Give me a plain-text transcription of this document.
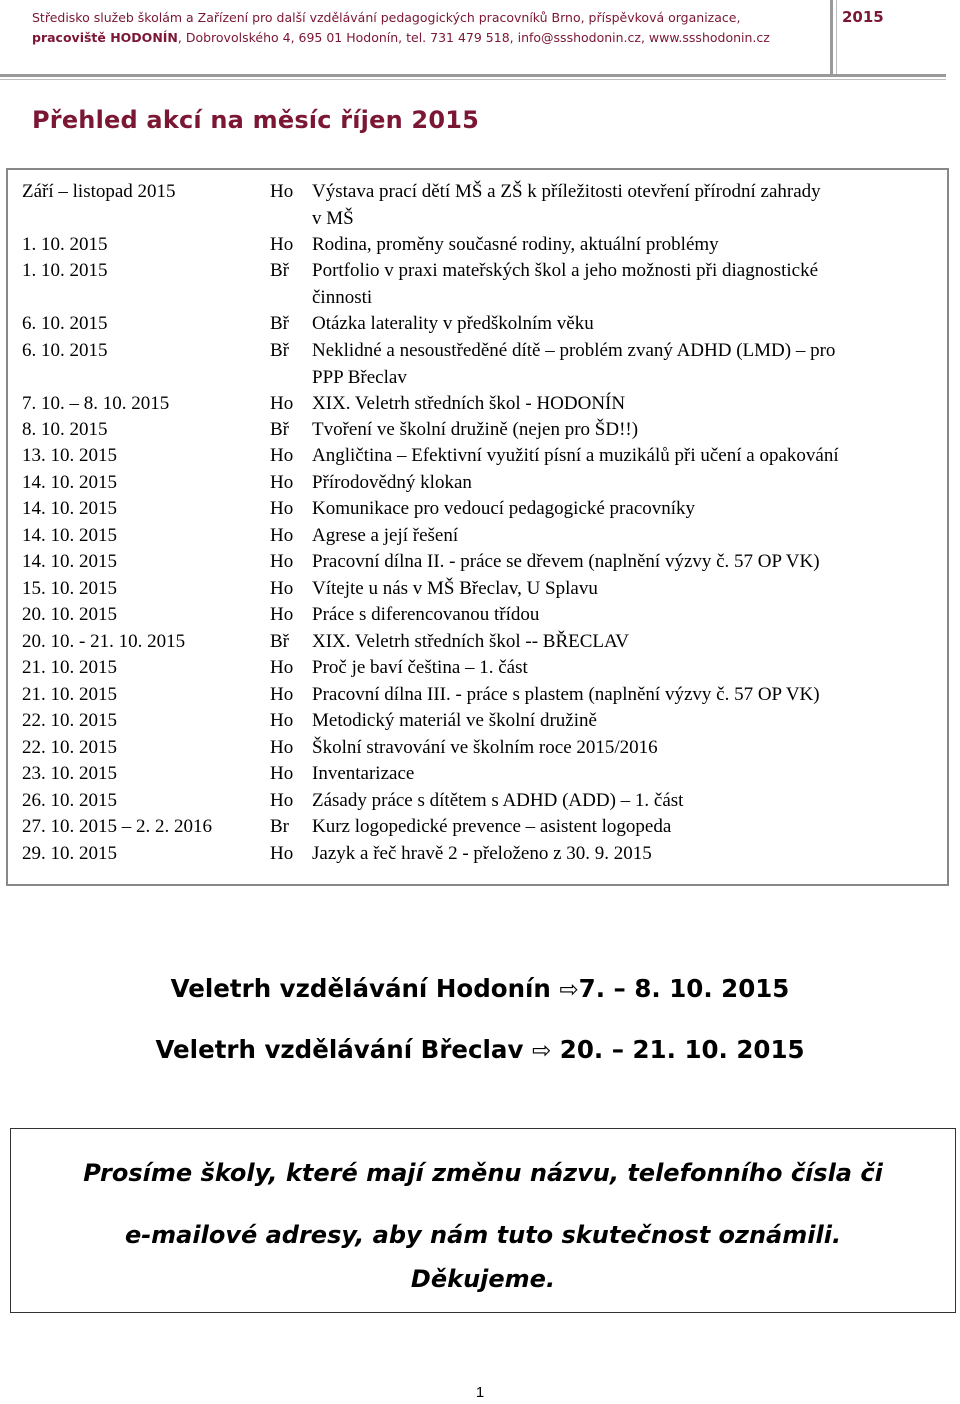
Středisko služeb školám a Zařízení pro další vzdělávání pedagogických pracovníků Brno, příspěvková organizace,
pracoviště HODONÍN, Dobrovolského 4, 695 01 Hodonín, tel. 731 479 518, info@ssshodonin.cz, www.ssshodonin.cz
2015
Přehled akcí na měsíc říjen 2015
Září – listopad 2015	Ho Výstava prací dětí MŠ a ZŠ k příležitosti otevření přírodní zahrady
v MŠ
1. 10. 2015	Ho Rodina, proměny současné rodiny, aktuální problémy
1. 10. 2015	Bř Portfolio v praxi mateřských škol a jeho možnosti při diagnostické
činnosti
6. 10. 2015	Bř Otázka laterality v předškolním věku
6. 10. 2015	Bř Neklidné a nesoustředěné dítě – problém zvaný ADHD (LMD) – pro
PPP Břeclav
7. 10. – 8. 10. 2015	Ho XIX. Veletrh středních škol - HODONÍN
8. 10. 2015	Bř Tvoření ve školní družině (nejen pro ŠD!!)
13. 10. 2015	Ho Angličtina – Efektivní využití písní a muzikálů při učení a opakování
14. 10. 2015	Ho Přírodovědný klokan
14. 10. 2015	Ho Komunikace pro vedoucí pedagogické pracovníky
14. 10. 2015	Ho Agrese a její řešení
14. 10. 2015	Ho Pracovní dílna II. - práce se dřevem (naplnění výzvy č. 57 OP VK)
15. 10. 2015	Ho Vítejte u nás v MŠ Břeclav, U Splavu
20. 10. 2015	Ho Práce s diferencovanou třídou
20. 10. - 21. 10. 2015	Bř XIX. Veletrh středních škol -- BŘECLAV
21. 10. 2015	Ho Proč je baví čeština – 1. část
21. 10. 2015	Ho Pracovní dílna III. - práce s plastem (naplnění výzvy č. 57 OP VK)
22. 10. 2015	Ho Metodický materiál ve školní družině
22. 10. 2015	Ho Školní stravování ve školním roce 2015/2016
23. 10. 2015	Ho Inventarizace
26. 10. 2015	Ho Zásady práce s dítětem s ADHD (ADD) – 1. část
27. 10. 2015 – 2. 2. 2016	Br Kurz logopedické prevence – asistent logopeda
29. 10. 2015	Ho Jazyk a řeč hravě 2 - přeloženo z 30. 9. 2015
Veletrh vzdělávání Hodonín ⇨7. – 8. 10. 2015
Veletrh vzdělávání Břeclav ⇨ 20. – 21. 10. 2015
Prosíme školy, které mají změnu názvu, telefonního čísla či
e-mailové adresy, aby nám tuto skutečnost oznámili.
Děkujeme.
1
